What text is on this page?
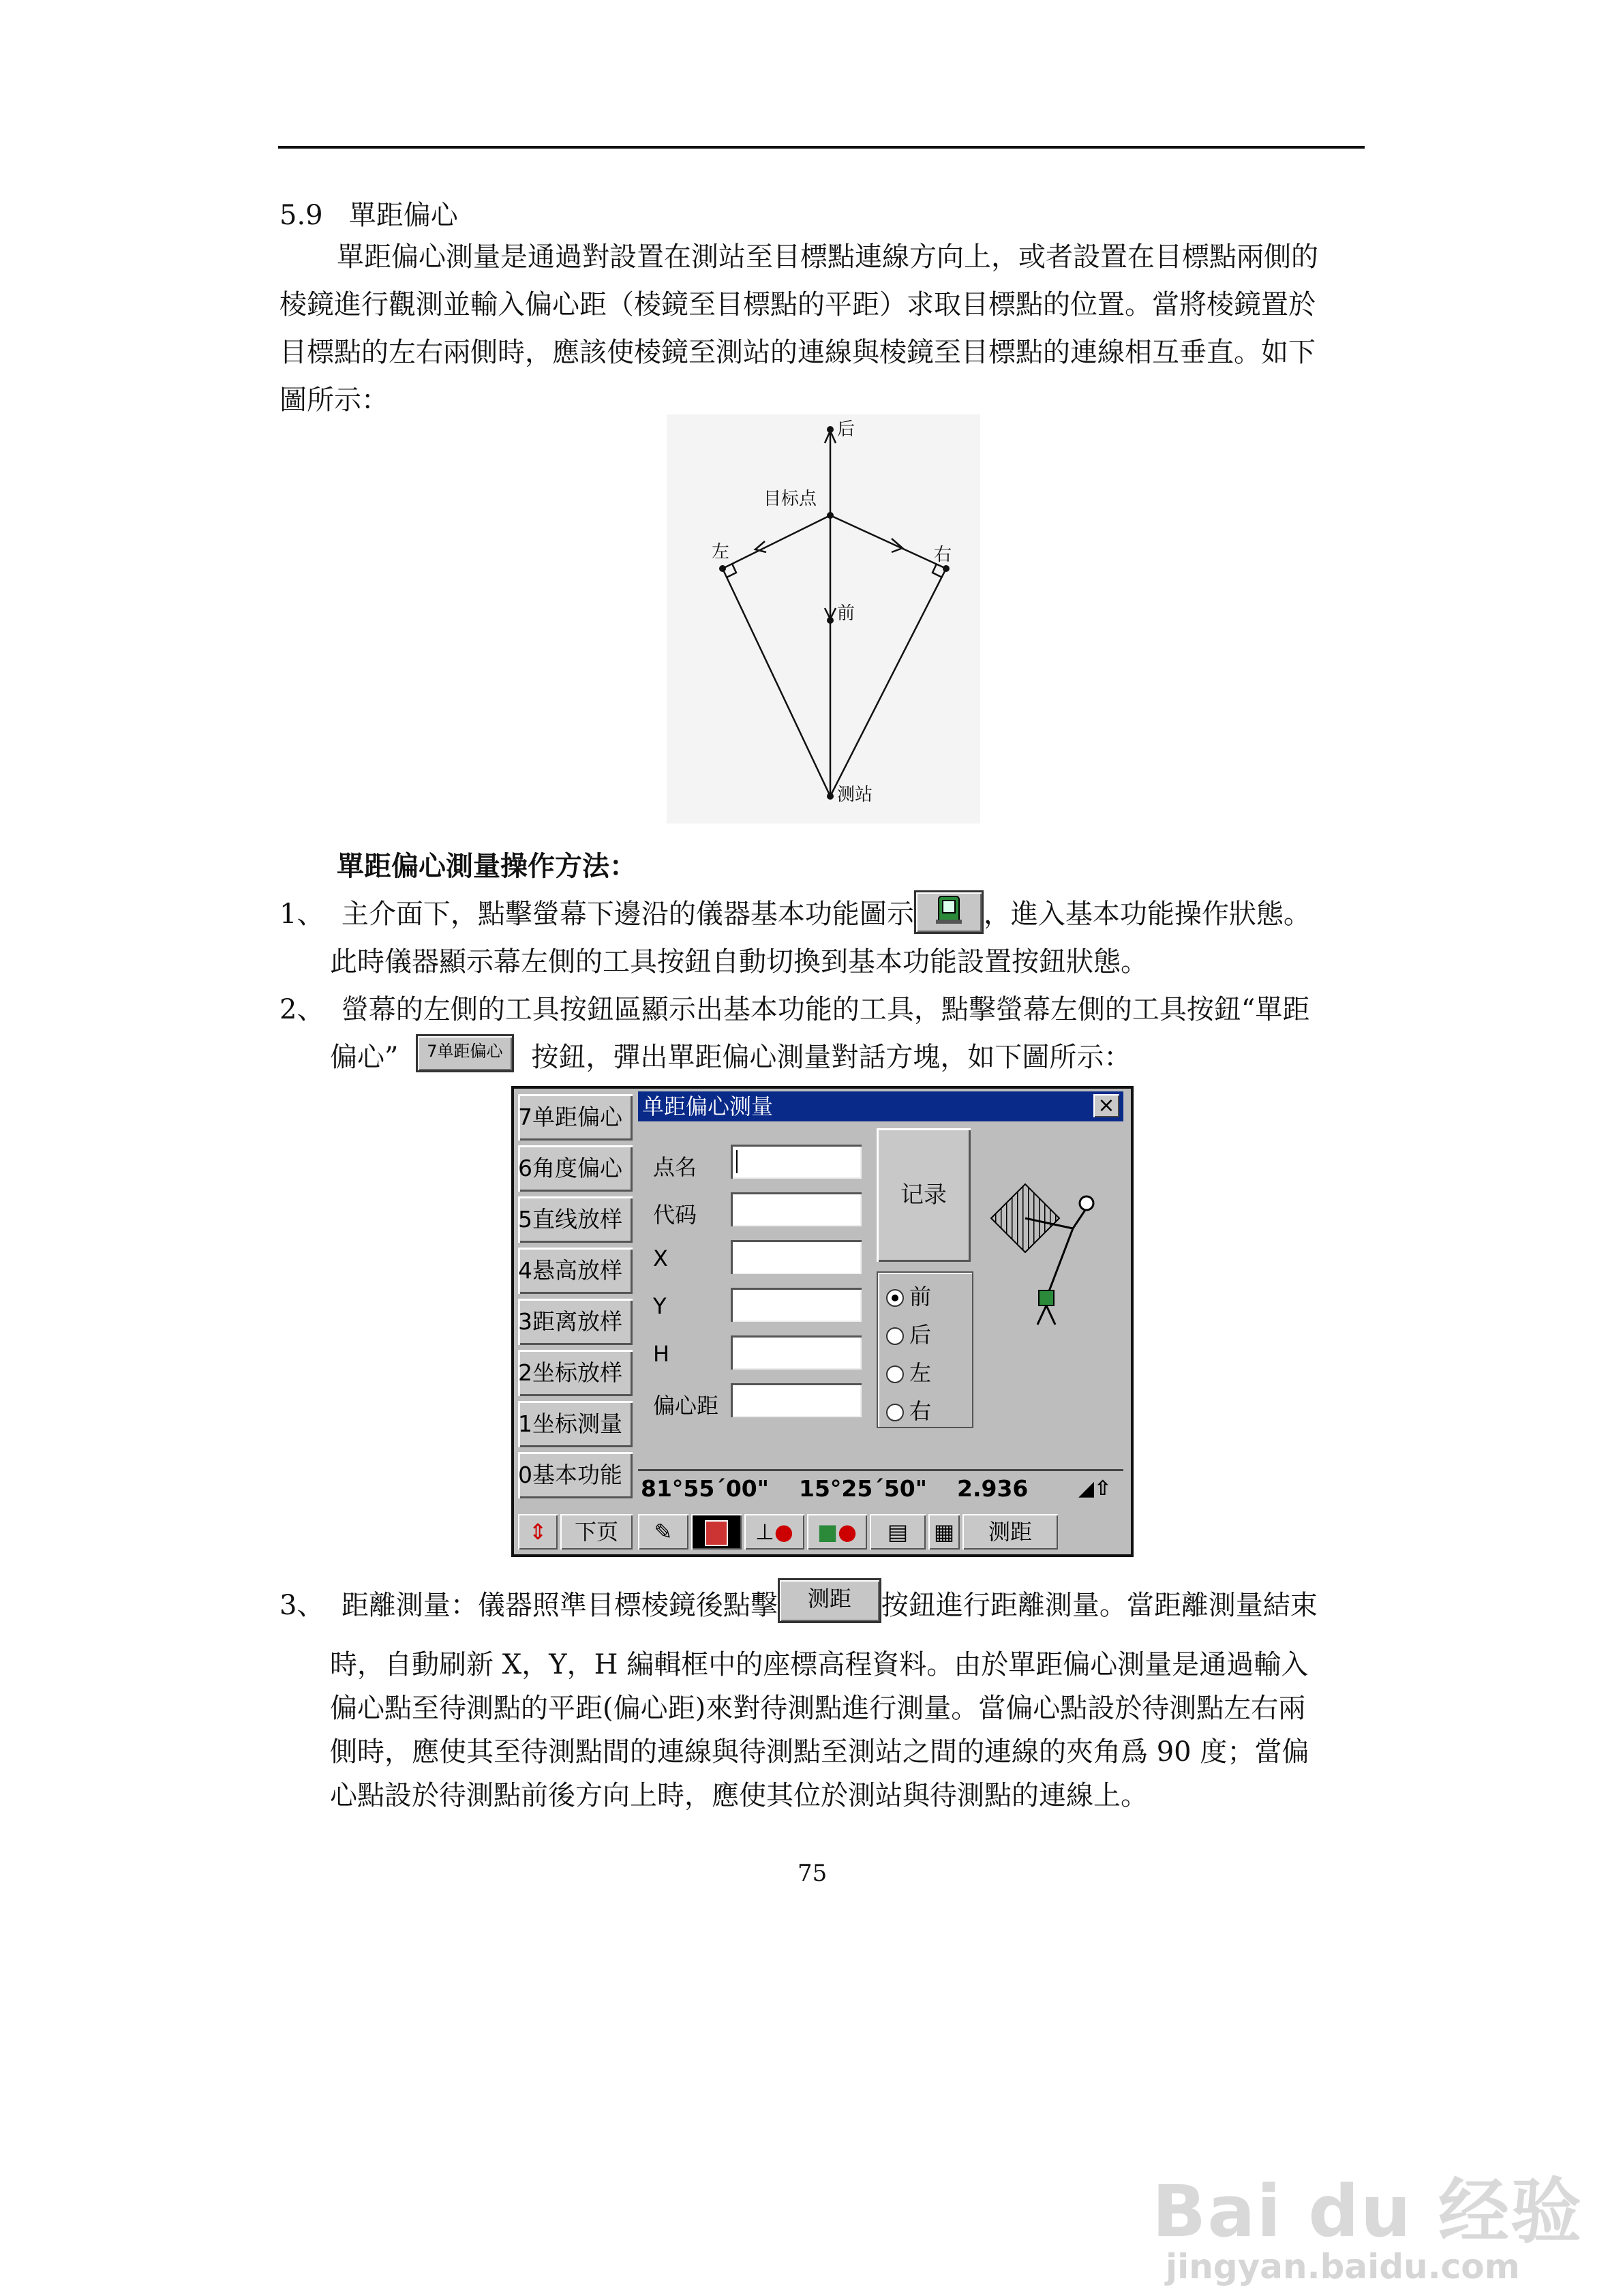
5.9 單距偏心

單距偏心測量是通過對設置在測站至目標點連線方向上，或者設置在目標點兩側的

棱鏡進行觀測並輸入偏心距（棱鏡至目標點的平距）求取目標點的位置。當將棱鏡置於

目標點的左右兩側時，應該使棱鏡至測站的連線與棱鏡至目標點的連線相互垂直。如下

圖所示：

后
目标点
左	右
前
测站
單距偏心測量操作方法：
1、 主介面下，點擊螢幕下邊沿的儀器基本功能圖示	，進入基本功能操作狀態。
此時儀器顯示幕左側的工具按鈕自動切換到基本功能設置按鈕狀態。
2、 螢幕的左側的工具按鈕區顯示出基本功能的工具，點擊螢幕左側的工具按鈕“單距
偏心” 7单距偏心 按鈕，彈出單距偏心測量對話方塊，如下圖所示：
7单距偏心
6角度偏心
5直线放样
4悬高放样
3距离放样
2坐标放样
1坐标测量
0基本功能
单距偏心测量	×
点名
代码
X
Y
H
偏心距
记录
前
后
左
右
81°55´00" 15°25´50" 2.936 ◢⇧
⇕	下页	✎	⊥●	■●	▤	▦	测距
3、 距離測量：儀器照準目標棱鏡後點擊 测距 按鈕進行距離測量。當距離測量結束
時，自動刷新 X，Y，H 編輯框中的座標高程資料。由於單距偏心測量是通過輸入
偏心點至待測點的平距(偏心距)來對待測點進行測量。當偏心點設於待測點左右兩
側時，應使其至待測點間的連線與待測點至測站之間的連線的夾角爲 90 度；當偏
心點設於待測點前後方向上時，應使其位於測站與待測點的連線上。
75
Bai du 经验
jingyan.baidu.com
